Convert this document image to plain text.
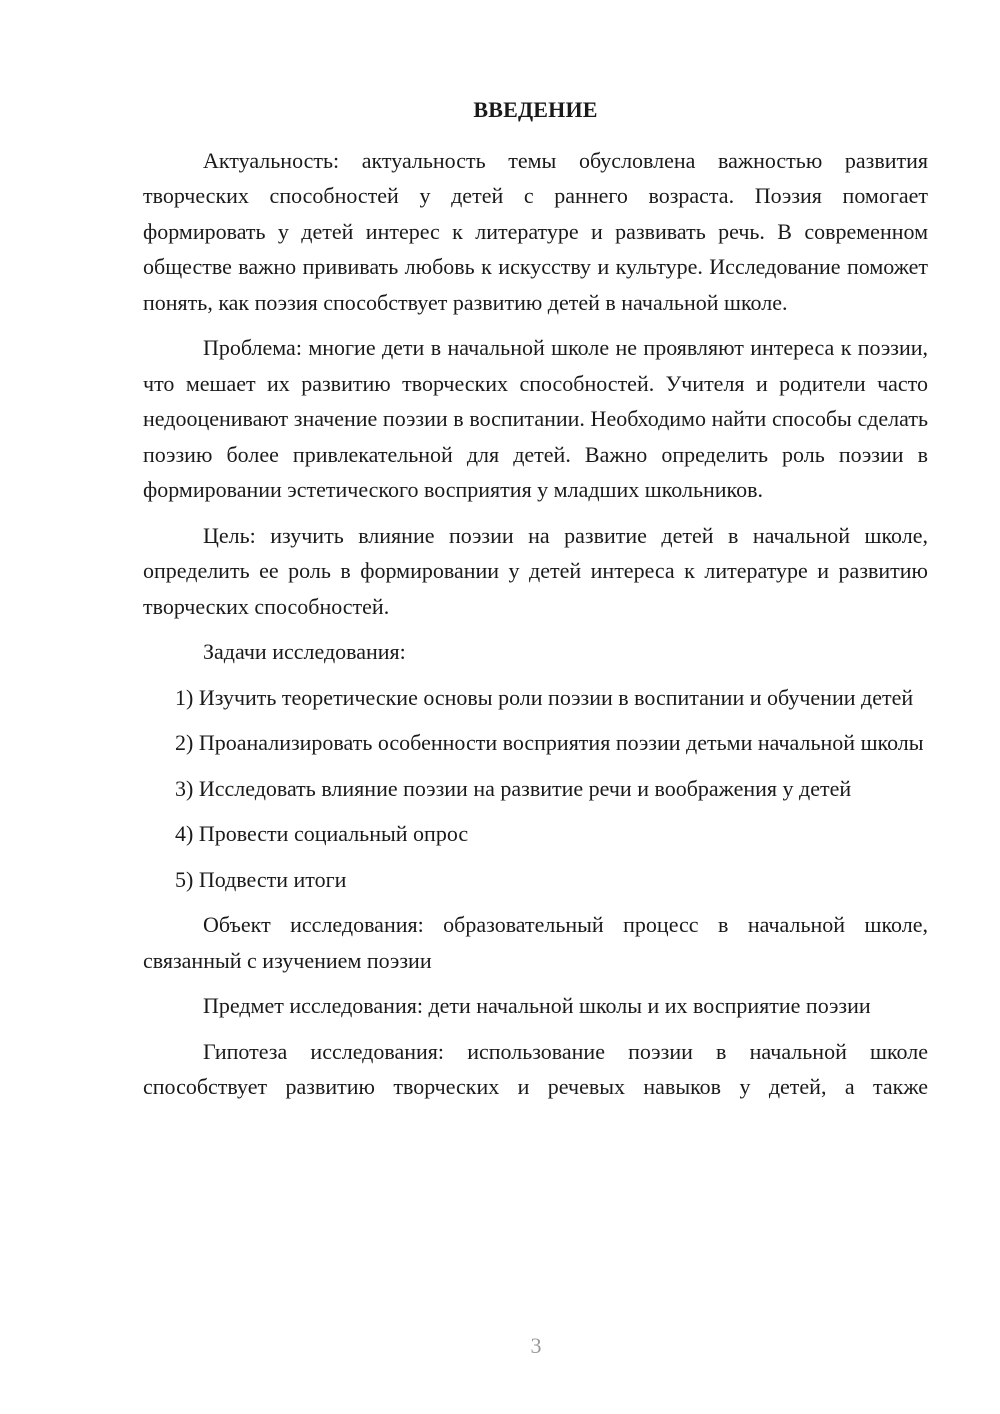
ВВЕДЕНИЕ

Актуальность: актуальность темы обусловлена важностью развития творческих способностей у детей с раннего возраста. Поэзия помогает формировать у детей интерес к литературе и развивать речь. В современном обществе важно прививать любовь к искусству и культуре. Исследование поможет понять, как поэзия способствует развитию детей в начальной школе.

Проблема: многие дети в начальной школе не проявляют интереса к поэзии, что мешает их развитию творческих способностей. Учителя и родители часто недооценивают значение поэзии в воспитании. Необходимо найти способы сделать поэзию более привлекательной для детей. Важно определить роль поэзии в формировании эстетического восприятия у младших школьников.

Цель: изучить влияние поэзии на развитие детей в начальной школе, определить ее роль в формировании у детей интереса к литературе и развитию творческих способностей.

Задачи исследования:

1) Изучить теоретические основы роли поэзии в воспитании и обучении детей

2) Проанализировать особенности восприятия поэзии детьми начальной школы

3) Исследовать влияние поэзии на развитие речи и воображения у детей

4) Провести социальный опрос

5) Подвести итоги

Объект исследования: образовательный процесс в начальной школе, связанный с изучением поэзии

Предмет исследования: дети начальной школы и их восприятие поэзии

Гипотеза исследования: использование поэзии в начальной школе способствует развитию творческих и речевых навыков у детей, а также

3
